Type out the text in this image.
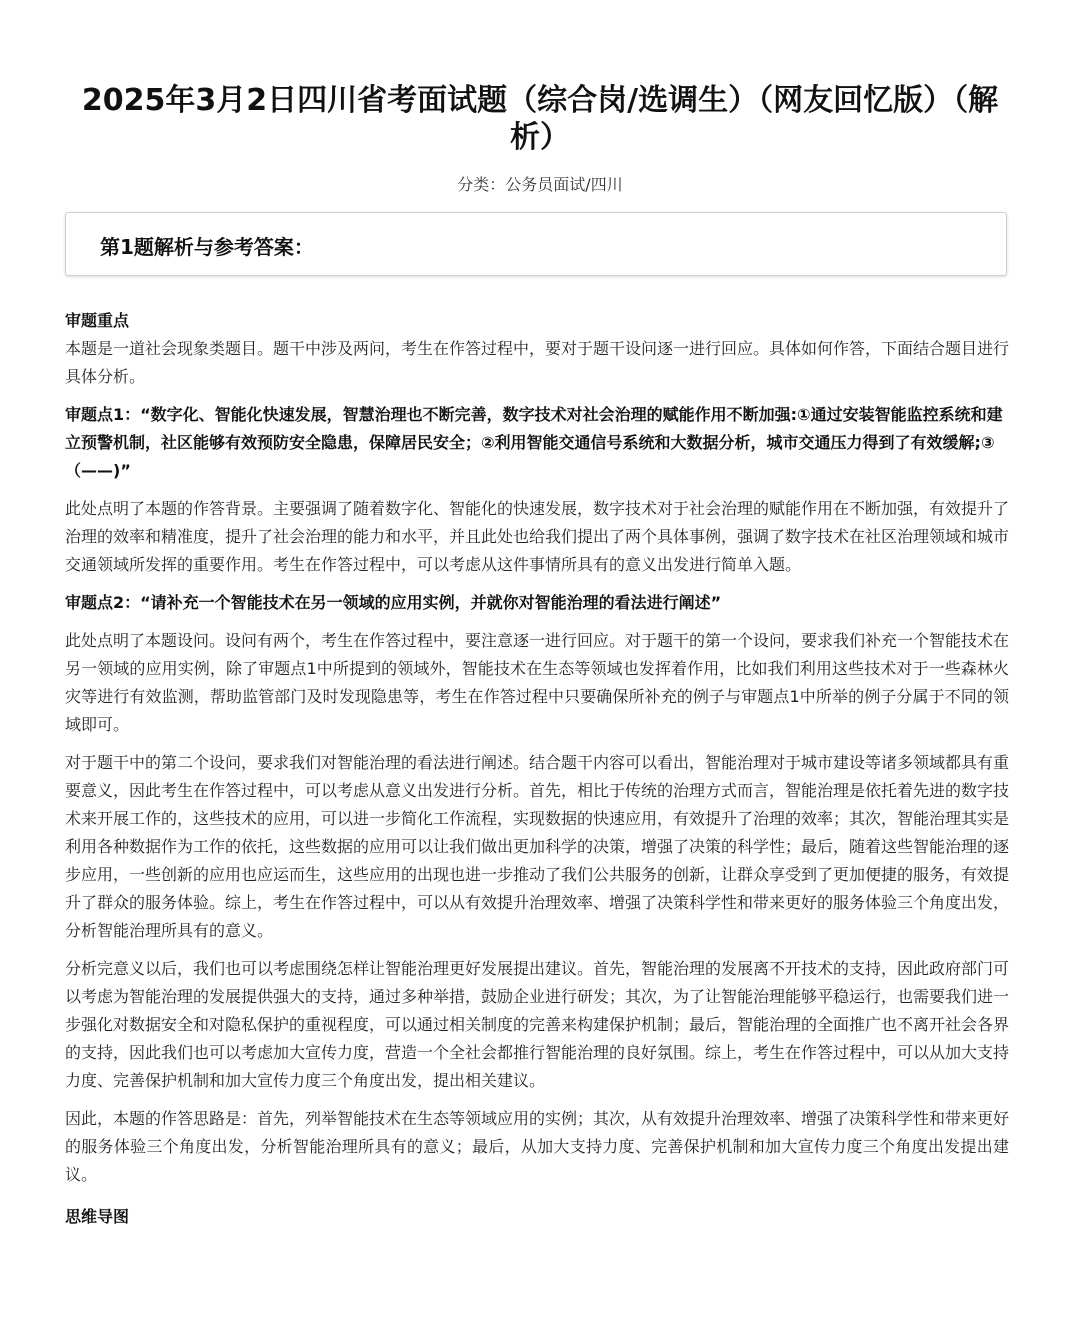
2025年3月2日四川省考面试题（综合岗/选调生）（网友回忆版）（解析）
分类：公务员面试/四川
第1题解析与参考答案：

审题重点

本题是一道社会现象类题目。题干中涉及两问，考生在作答过程中，要对于题干设问逐一进行回应。具体如何作答，下面结合题目进行具体分析。

审题点1：“数字化、智能化快速发展，智慧治理也不断完善，数字技术对社会治理的赋能作用不断加强:①通过安装智能监控系统和建立预警机制，社区能够有效预防安全隐患，保障居民安全；②利用智能交通信号系统和大数据分析，城市交通压力得到了有效缓解;③（——)”

此处点明了本题的作答背景。主要强调了随着数字化、智能化的快速发展，数字技术对于社会治理的赋能作用在不断加强，有效提升了治理的效率和精准度，提升了社会治理的能力和水平，并且此处也给我们提出了两个具体事例，强调了数字技术在社区治理领域和城市交通领域所发挥的重要作用。考生在作答过程中，可以考虑从这件事情所具有的意义出发进行简单入题。

审题点2：“请补充一个智能技术在另一领域的应用实例，并就你对智能治理的看法进行阐述”

此处点明了本题设问。设问有两个，考生在作答过程中，要注意逐一进行回应。对于题干的第一个设问，要求我们补充一个智能技术在另一领域的应用实例，除了审题点1中所提到的领域外，智能技术在生态等领域也发挥着作用，比如我们利用这些技术对于一些森林火灾等进行有效监测，帮助监管部门及时发现隐患等，考生在作答过程中只要确保所补充的例子与审题点1中所举的例子分属于不同的领域即可。

对于题干中的第二个设问，要求我们对智能治理的看法进行阐述。结合题干内容可以看出，智能治理对于城市建设等诸多领域都具有重要意义，因此考生在作答过程中，可以考虑从意义出发进行分析。首先，相比于传统的治理方式而言，智能治理是依托着先进的数字技术来开展工作的，这些技术的应用，可以进一步简化工作流程，实现数据的快速应用，有效提升了治理的效率；其次，智能治理其实是利用各种数据作为工作的依托，这些数据的应用可以让我们做出更加科学的决策，增强了决策的科学性；最后，随着这些智能治理的逐步应用，一些创新的应用也应运而生，这些应用的出现也进一步推动了我们公共服务的创新，让群众享受到了更加便捷的服务，有效提升了群众的服务体验。综上，考生在作答过程中，可以从有效提升治理效率、增强了决策科学性和带来更好的服务体验三个角度出发，分析智能治理所具有的意义。

分析完意义以后，我们也可以考虑围绕怎样让智能治理更好发展提出建议。首先，智能治理的发展离不开技术的支持，因此政府部门可以考虑为智能治理的发展提供强大的支持，通过多种举措，鼓励企业进行研发；其次，为了让智能治理能够平稳运行，也需要我们进一步强化对数据安全和对隐私保护的重视程度，可以通过相关制度的完善来构建保护机制；最后，智能治理的全面推广也不离开社会各界的支持，因此我们也可以考虑加大宣传力度，营造一个全社会都推行智能治理的良好氛围。综上，考生在作答过程中，可以从加大支持力度、完善保护机制和加大宣传力度三个角度出发，提出相关建议。

因此，本题的作答思路是：首先，列举智能技术在生态等领域应用的实例；其次，从有效提升治理效率、增强了决策科学性和带来更好的服务体验三个角度出发，分析智能治理所具有的意义；最后，从加大支持力度、完善保护机制和加大宣传力度三个角度出发提出建议。

思维导图
